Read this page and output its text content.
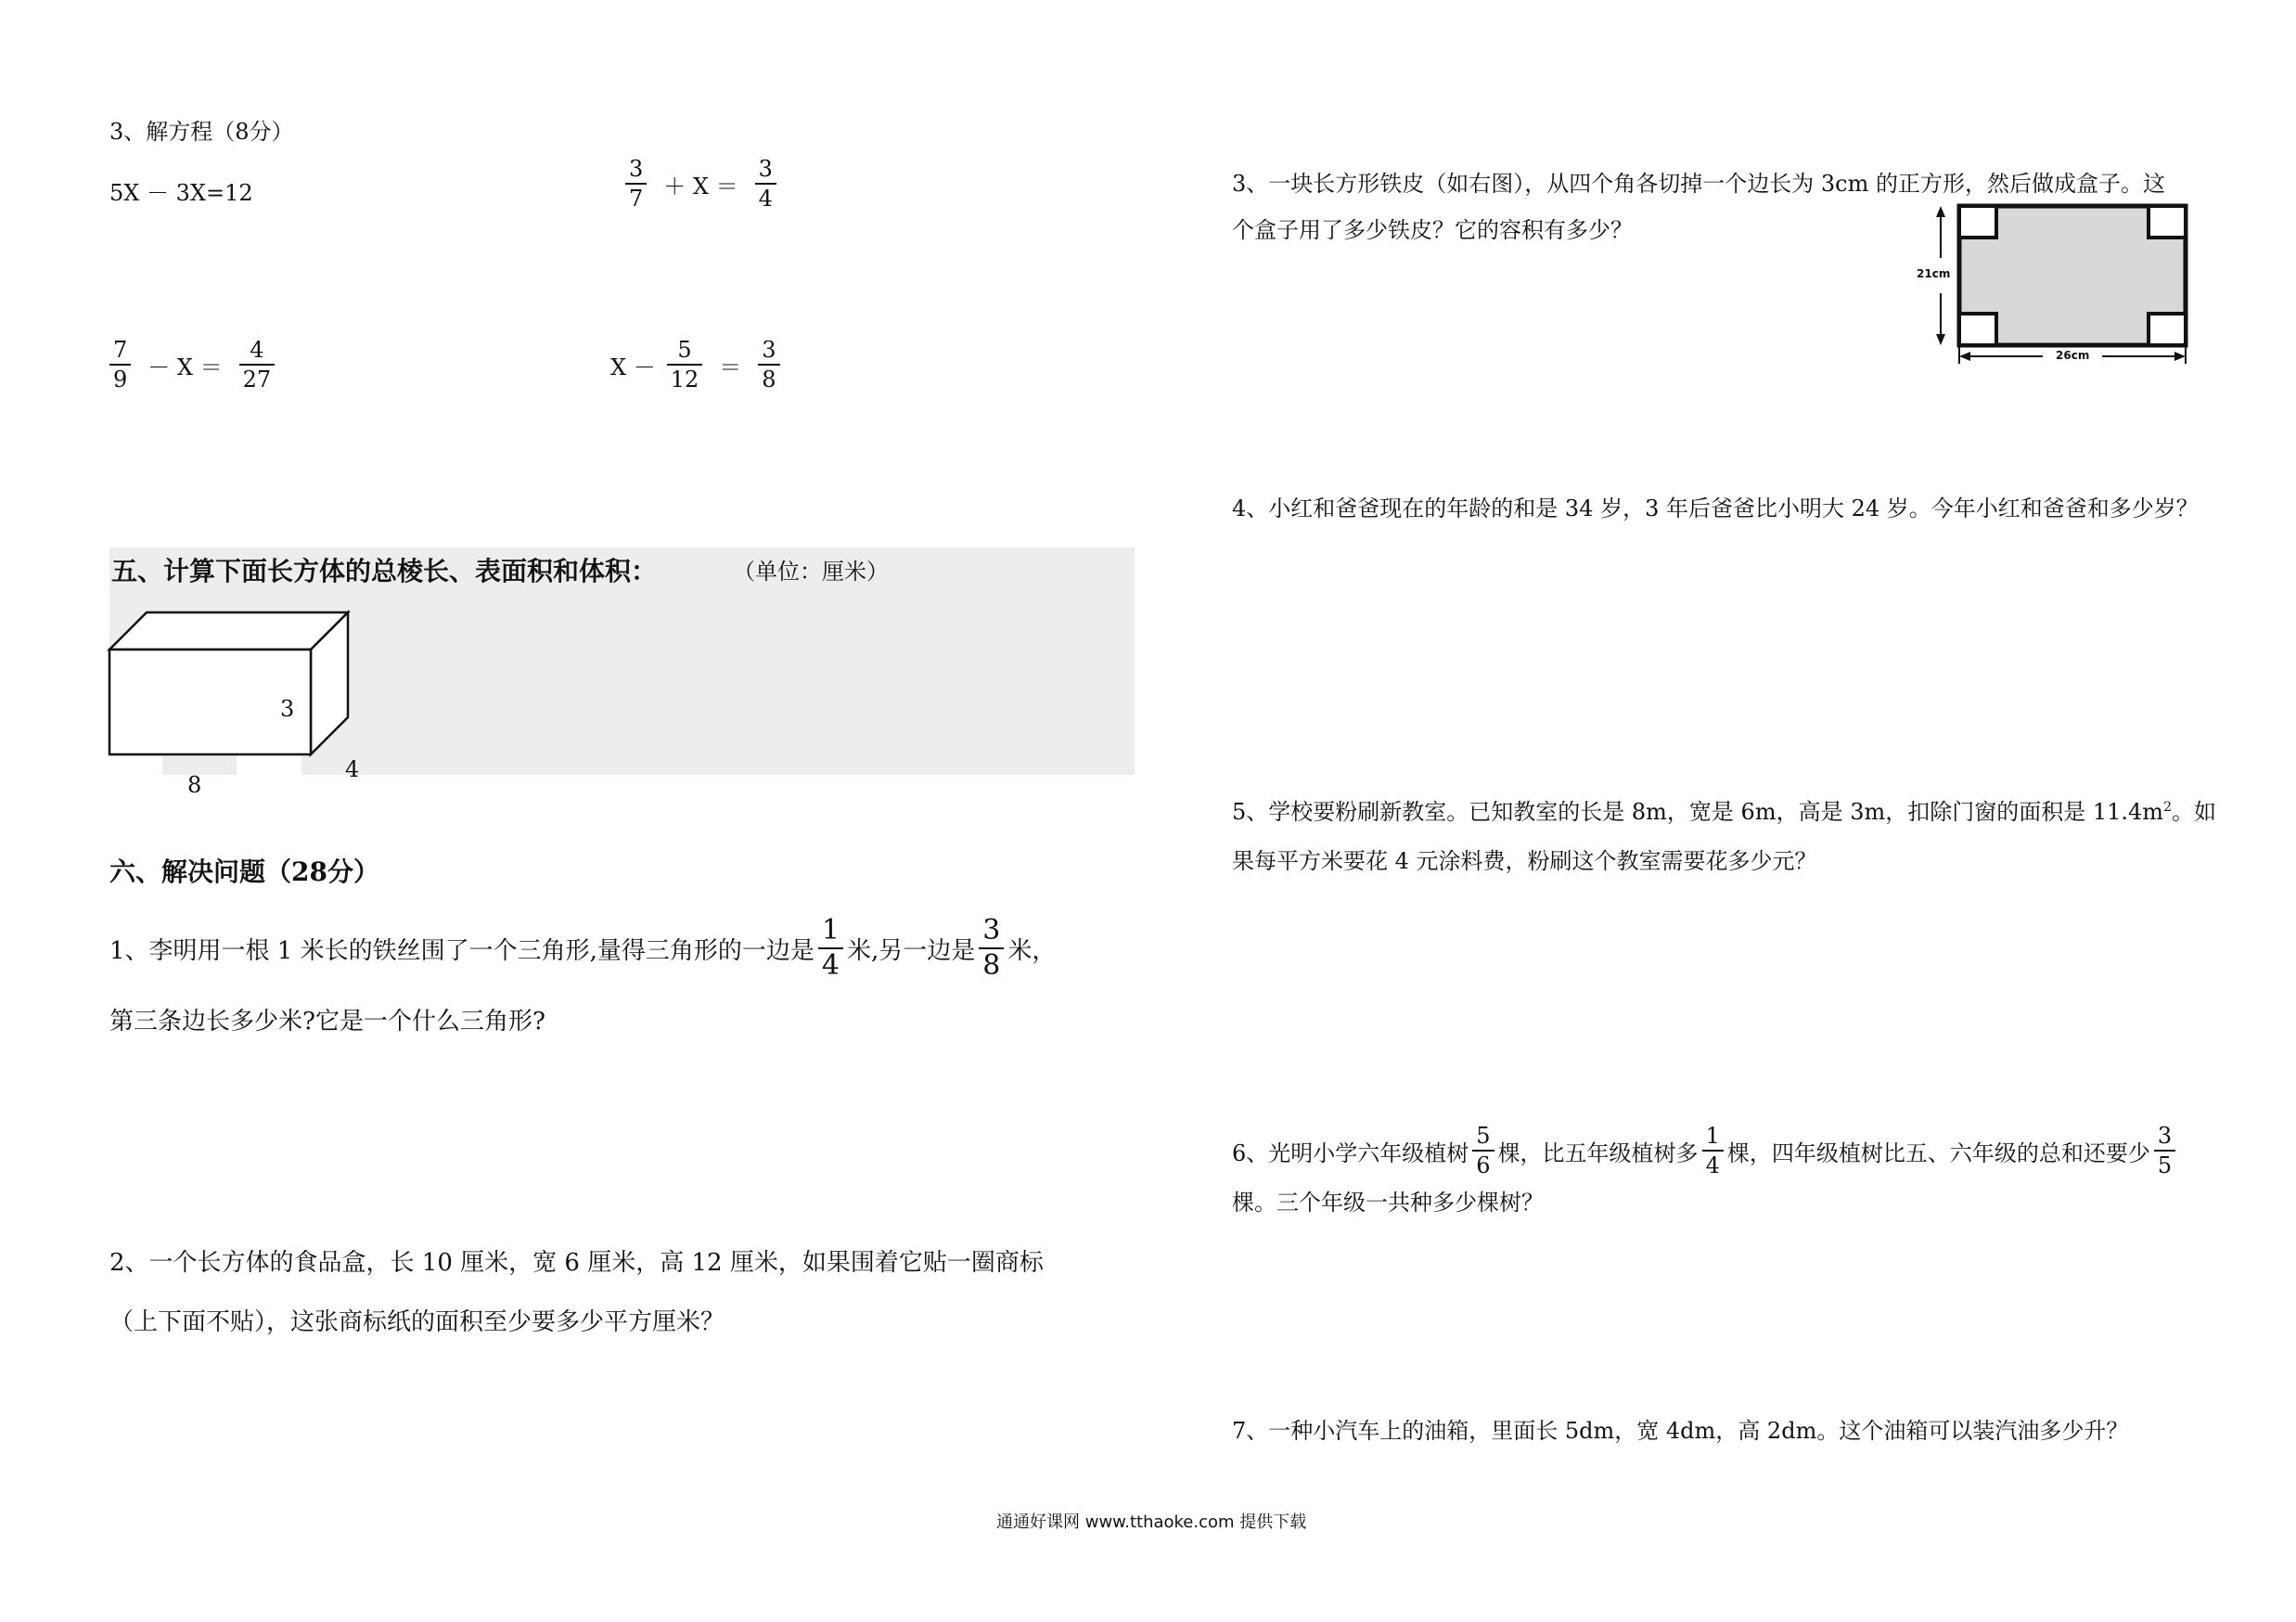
3、解方程（8分）
5X － 3X=12	$\frac{3}{7} + X = \frac{3}{4}$
$\frac{7}{9} - X = \frac{4}{27}$	$X - \frac{5}{12} = \frac{3}{8}$
五、计算下面长方体的总棱长、表面积和体积：	（单位：厘米）
3
8
4
六、解决问题（28分）
1、李明用一根 1 米长的铁丝围了一个三角形,量得三角形的一边是 $\frac{1}{4}$ 米,另一边是 $\frac{3}{8}$ 米，
第三条边长多少米?它是一个什么三角形?
2、一个长方体的食品盒，长 10 厘米，宽 6 厘米，高 12 厘米，如果围着它贴一圈商标
（上下面不贴），这张商标纸的面积至少要多少平方厘米？
3、一块长方形铁皮（如右图），从四个角各切掉一个边长为 3cm 的正方形，然后做成盒子。这
个盒子用了多少铁皮？它的容积有多少？
21cm
26cm
4、小红和爸爸现在的年龄的和是 34 岁，3 年后爸爸比小明大 24 岁。今年小红和爸爸和多少岁？
5、学校要粉刷新教室。已知教室的长是 8m，宽是 6m，高是 3m，扣除门窗的面积是 $11.4m^2$。如
果每平方米要花 4 元涂料费，粉刷这个教室需要花多少元？
6、光明小学六年级植树 $\frac{5}{6}$ 棵，比五年级植树多 $\frac{1}{4}$ 棵，四年级植树比五、六年级的总和还要少 $\frac{3}{5}$
棵。三个年级一共种多少棵树？
7、一种小汽车上的油箱，里面长 5dm，宽 4dm，高 2dm。这个油箱可以装汽油多少升？
通通好课网 www.tthaoke.com 提供下载
